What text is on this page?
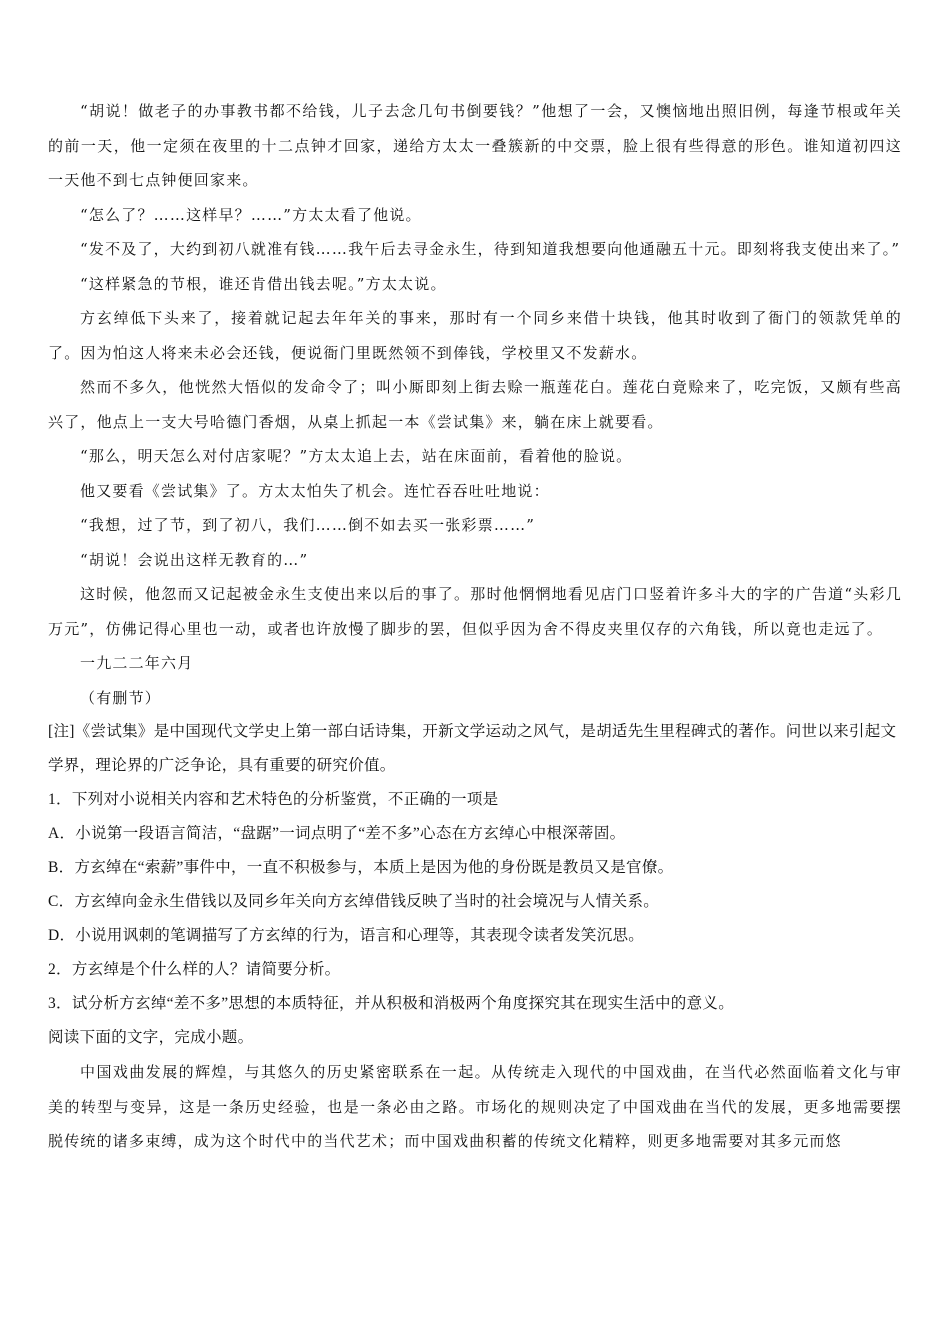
“胡说！做老子的办事教书都不给钱，儿子去念几句书倒要钱？”他想了一会，又懊恼地出照旧例，每逢节根或年关的前一天，他一定须在夜里的十二点钟才回家，递给方太太一叠簇新的中交票，脸上很有些得意的形色。谁知道初四这一天他不到七点钟便回家来。

“怎么了？……这样早？……”方太太看了他说。

“发不及了，大约到初八就准有钱……我午后去寻金永生，待到知道我想要向他通融五十元。即刻将我支使出来了。”

“这样紧急的节根，谁还肯借出钱去呢。”方太太说。

方玄绰低下头来了，接着就记起去年年关的事来，那时有一个同乡来借十块钱，他其时收到了衙门的领款凭单的了。因为怕这人将来未必会还钱，便说衙门里既然领不到俸钱，学校里又不发薪水。

然而不多久，他恍然大悟似的发命令了；叫小厮即刻上街去赊一瓶莲花白。莲花白竟赊来了，吃完饭，又颇有些高兴了，他点上一支大号哈德门香烟，从桌上抓起一本《尝试集》来，躺在床上就要看。

“那么，明天怎么对付店家呢？”方太太追上去，站在床面前，看着他的脸说。

他又要看《尝试集》了。方太太怕失了机会。连忙吞吞吐吐地说：

“我想，过了节，到了初八，我们……倒不如去买一张彩票……”

“胡说！会说出这样无教育的…”

这时候，他忽而又记起被金永生支使出来以后的事了。那时他惘惘地看见店门口竖着许多斗大的字的广告道“头彩几万元”，仿佛记得心里也一动，或者也许放慢了脚步的罢，但似乎因为舍不得皮夹里仅存的六角钱，所以竟也走远了。

一九二二年六月

（有删节）

[注]《尝试集》是中国现代文学史上第一部白话诗集，开新文学运动之风气，是胡适先生里程碑式的著作。问世以来引起文学界，理论界的广泛争论，具有重要的研究价值。

1．下列对小说相关内容和艺术特色的分析鉴赏，不正确的一项是

A．小说第一段语言简洁，“盘踞”一词点明了“差不多”心态在方玄绰心中根深蒂固。

B．方玄绰在“索薪”事件中，一直不积极参与，本质上是因为他的身份既是教员又是官僚。

C．方玄绰向金永生借钱以及同乡年关向方玄绰借钱反映了当时的社会境况与人情关系。

D．小说用讽刺的笔调描写了方玄绰的行为，语言和心理等，其表现令读者发笑沉思。

2．方玄绰是个什么样的人？请简要分析。

3．试分析方玄绰“差不多”思想的本质特征，并从积极和消极两个角度探究其在现实生活中的意义。

阅读下面的文字，完成小题。

中国戏曲发展的辉煌，与其悠久的历史紧密联系在一起。从传统走入现代的中国戏曲，在当代必然面临着文化与审美的转型与变异，这是一条历史经验，也是一条必由之路。市场化的规则决定了中国戏曲在当代的发展，更多地需要摆脱传统的诸多束缚，成为这个时代中的当代艺术；而中国戏曲积蓄的传统文化精粹，则更多地需要对其多元而悠
